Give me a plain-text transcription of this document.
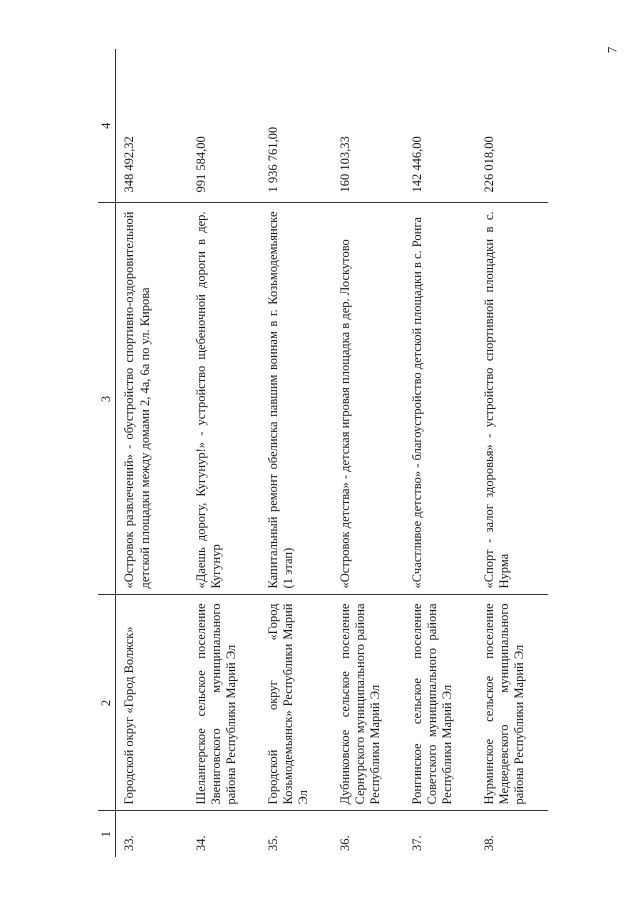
7
1	2	3	4
33.	Городской округ «Город Волжск»	«Островок развлечений» - обустройство спортивно-оздоровительной детской площадки между домами 2, 4а, 6а по ул. Кирова	348 492,32
34.	Шелангерское сельское поселение Звениговского муниципального района Республики Марий Эл	«Даешь дорогу, Кугунур!» - устройство щебеночной дороги в дер. Кугунур	991 584,00
35.	Городской округ «Город Козьмодемьянск» Республики Марий Эл	Капитальный ремонт обелиска павшим воинам в г. Козьмодемьянске (1 этап)	1 936 761,00
36.	Дубниковское сельское поселение Сернурского муниципального района Республики Марий Эл	«Островок детства» - детская игровая площадка в дер. Лоскутово	160 103,33
37.	Ронгинское сельское поселение Советского муниципального района Республики Марий Эл	«Счастливое детство» - благоустройство детской площадки в с. Ронга	142 446,00
38.	Нурминское сельское поселение Медведевского муниципального района Республики Марий Эл	«Спорт - залог здоровья» - устройство спортивной площадки в с. Нурма	226 018,00
